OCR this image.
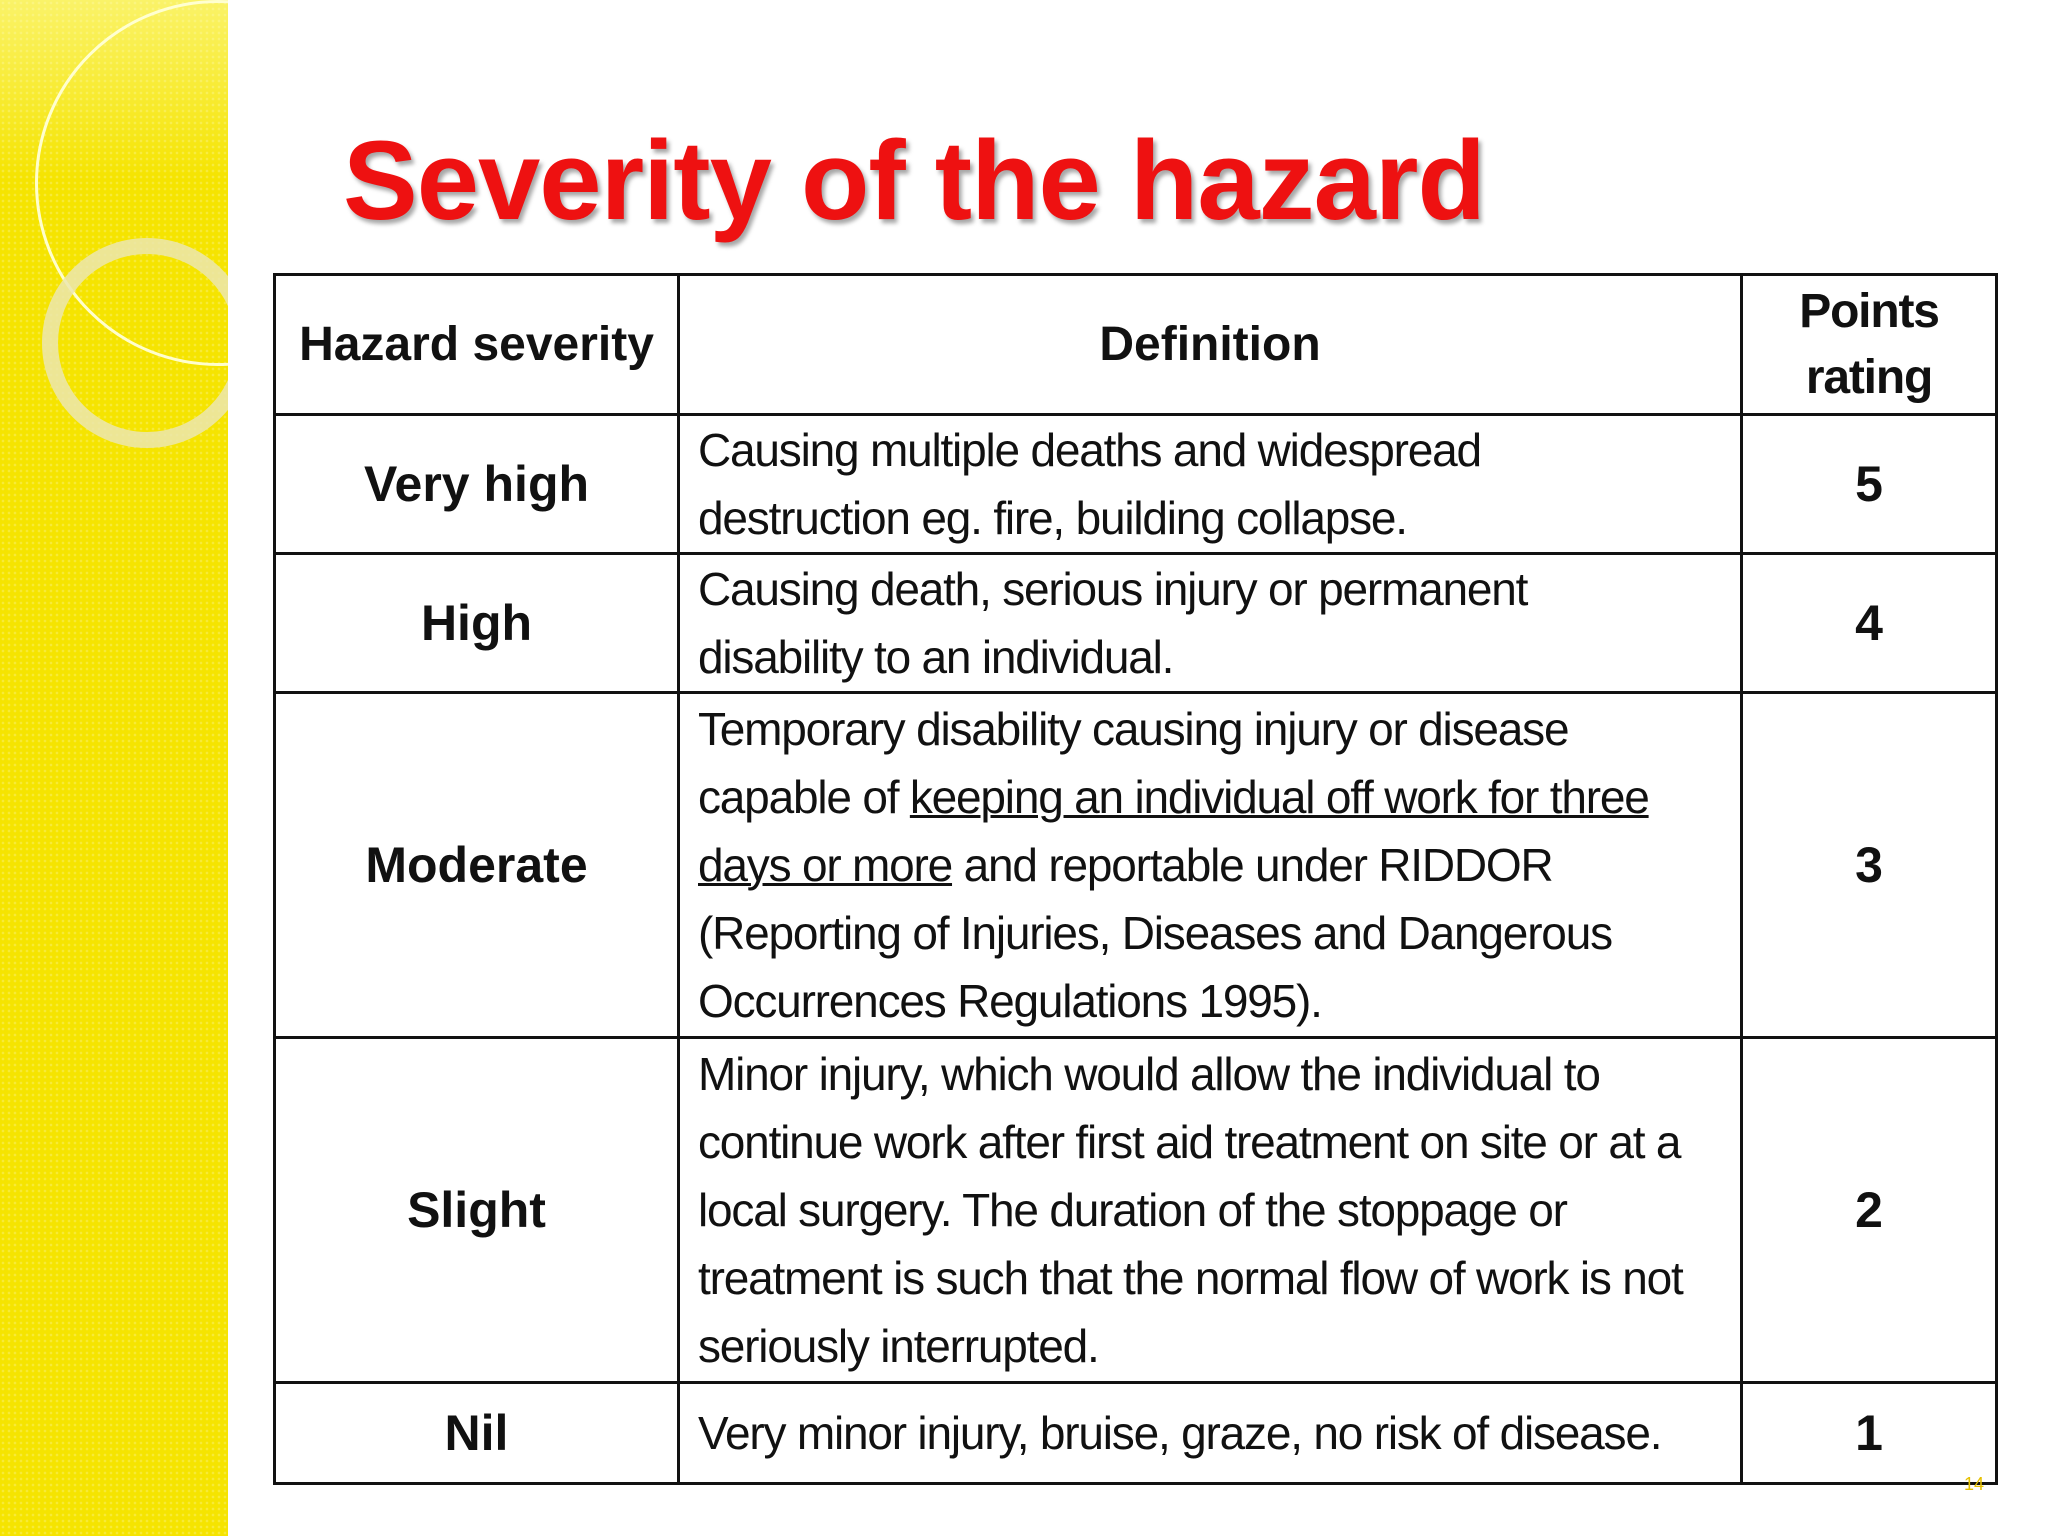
Severity of the hazard
Hazard severity	Definition	Points
rating

Very high	Causing multiple deaths and widespread
destruction eg. fire, building collapse.	5
High	Causing death, serious injury or permanent
disability to an individual.	4
Moderate	Temporary disability causing injury or disease
capable of keeping an individual off work for three
days or more and reportable under RIDDOR
(Reporting of Injuries, Diseases and Dangerous
Occurrences Regulations 1995).	3
Slight	Minor injury, which would allow the individual to
continue work after first aid treatment on site or at a
local surgery. The duration of the stoppage or
treatment is such that the normal flow of work is not
seriously interrupted.	2
Nil	Very minor injury, bruise, graze, no risk of disease.	1
14
